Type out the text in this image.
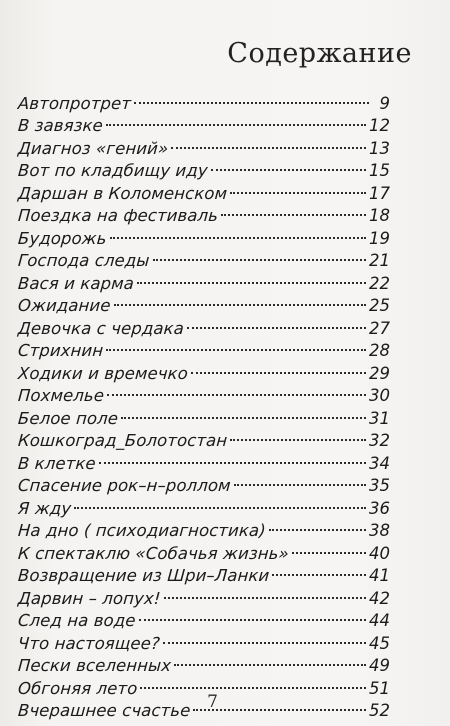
Содержание
Автопротрет	9
В завязке	12
Диагноз «гений»	13
Вот по кладбищу иду	15
Даршан в Коломенском	17
Поездка на фестиваль	18
Будорожь	19
Господа следы	21
Вася и карма	22
Ожидание	25
Девочка с чердака	27
Стрихнин	28
Ходики и времечко	29
Похмелье	30
Белое поле	31
Кошкоград_Болотостан	32
В клетке	34
Спасение рок–н–роллом	35
Я жду	36
На дно ( психодиагностика)	38
К спектаклю «Собачья жизнь»	40
Возвращение из Шри–Ланки	41
Дарвин – лопух!	42
След на воде	44
Что настоящее?	45
Пески вселенных	49
Обгоняя лето	51
Вчерашнее счастье	52
7
